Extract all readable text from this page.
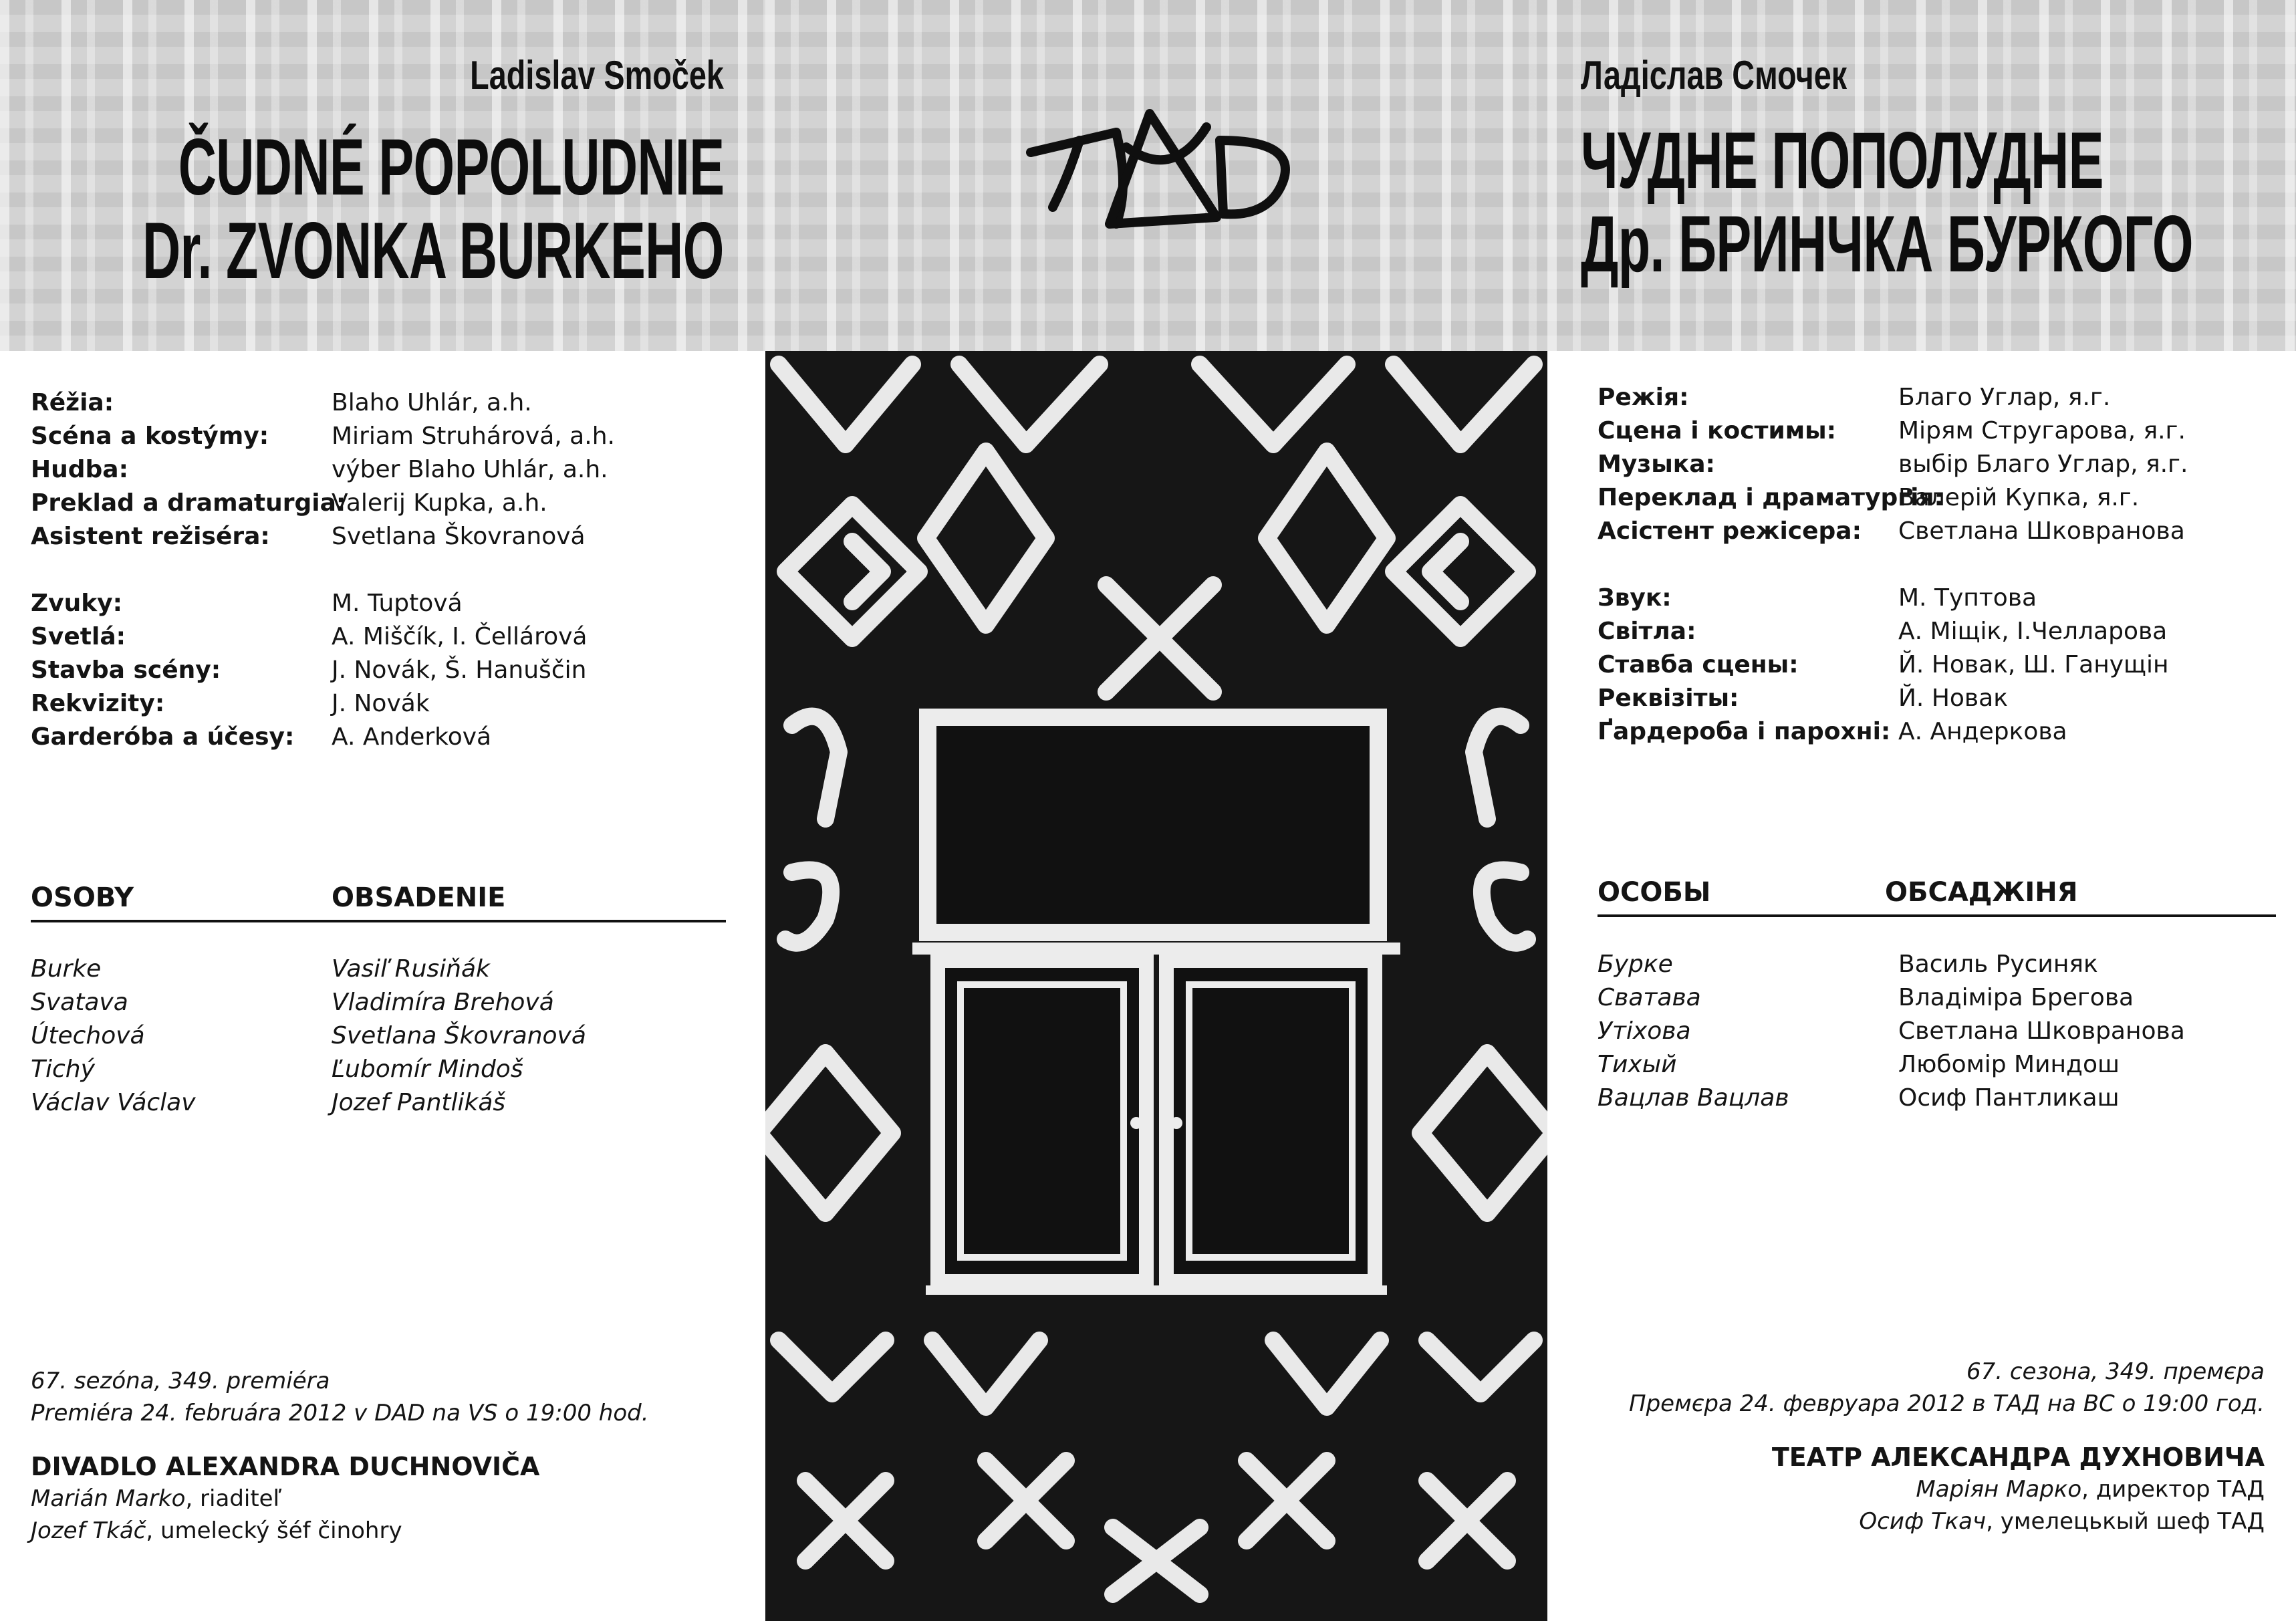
Ladislav Smoček
ČUDNÉ POPOLUDNIE
Dr. ZVONKA BURKEHO
Ладіслав Смочек
ЧУДНЕ ПОПОЛУДНЕ
Др. БРИНЧКА БУРКОГО
TAD
Réžia:	Blaho Uhlár, a.h.
Scéna a kostýmy:	Miriam Struhárová, a.h.
Hudba:	výber Blaho Uhlár, a.h.
Preklad a dramaturgia:
Valerij Kupka, a.h.
Asistent režiséra:	Svetlana Škovranová
Zvuky:	M. Tuptová
Svetlá:	A. Miščík, I. Čellárová
Stavba scény:	J. Novák, Š. Hanuščin
Rekvizity:	J. Novák
Garderóba a účesy: A. Anderková
OSOBY	OBSADENIE
Burke	Vasiľ Rusiňák
Svatava	Vladimíra Brehová
Útechová	Svetlana Škovranová
Tichý	Ľubomír Mindoš
Václav Václav	Jozef Pantlikáš
67. sezóna, 349. premiéra
Premiéra 24. februára 2012 v DAD na VS o 19:00 hod.
DIVADLO ALEXANDRA DUCHNOVIČA
Marián Marko, riaditeľ
Jozef Tkáč, umelecký šéf činohry
Режія:	Благо Углар, я.г.
Сцена і костимы:	Мірям Стругарова, я.г.
Музыка:	выбір Благо Углар, я.г.
Переклад і драматурґія:
Валерій Купка, я.г.
Асістент режісера: Светлана Шковранова
Звук:	М. Туптова
Світла:	А. Міщік, І.Челларова
Ставба сцены:	Й. Новак, Ш. Ганущін
Реквізіты:	Й. Новак
Ґардероба і парохні: А. Андеркова
ОСОБЫ	ОБСАДЖІНЯ
Бурке	Василь Русиняк
Сватава	Владіміра Брегова
Утіхова	Светлана Шковранова
Тихый	Любомір Миндош
Вацлав Вацлав	Осиф Пантликаш
67. сезона, 349. премєра
Премєра 24. февруара 2012 в ТАД на ВС о 19:00 год.
ТЕАТР АЛЕКСАНДРА ДУХНОВИЧА
Маріян Марко, директор ТАД
Осиф Ткач, умелецькый шеф ТАД
